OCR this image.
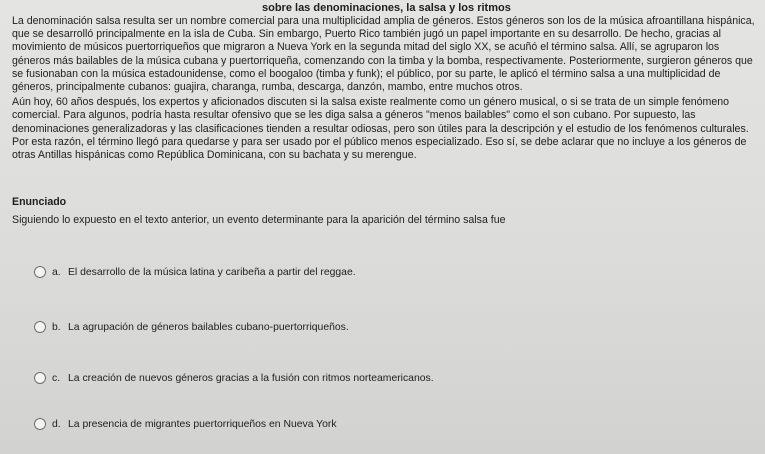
sobre las denominaciones, la salsa y los ritmos

La denominación salsa resulta ser un nombre comercial para una multiplicidad amplia de géneros. Estos géneros son los de la música afroantillana hispánica, que se desarrolló principalmente en la isla de Cuba. Sin embargo, Puerto Rico también jugó un papel importante en su desarrollo. De hecho, gracias al movimiento de músicos puertorriqueños que migraron a Nueva York en la segunda mitad del siglo XX, se acuñó el término salsa. Allí, se agruparon los géneros más bailables de la música cubana y puertorriqueña, comenzando con la timba y la bomba, respectivamente. Posteriormente, surgieron géneros que se fusionaban con la música estadounidense, como el boogaloo (timba y funk); el público, por su parte, le aplicó el término salsa a una multiplicidad de géneros, principalmente cubanos: guajira, charanga, rumba, descarga, danzón, mambo, entre muchos otros.

Aún hoy, 60 años después, los expertos y aficionados discuten si la salsa existe realmente como un género musical, o si se trata de un simple fenómeno comercial. Para algunos, podría hasta resultar ofensivo que se les diga salsa a géneros "menos bailables" como el son cubano. Por supuesto, las denominaciones generalizadoras y las clasificaciones tienden a resultar odiosas, pero son útiles para la descripción y el estudio de los fenómenos culturales. Por esta razón, el término llegó para quedarse y para ser usado por el público menos especializado. Eso sí, se debe aclarar que no incluye a los géneros de otras Antillas hispánicas como República Dominicana, con su bachata y su merengue.

Enunciado
Siguiendo lo expuesto en el texto anterior, un evento determinante para la aparición del término salsa fue
a. El desarrollo de la música latina y caribeña a partir del reggae.
b. La agrupación de géneros bailables cubano-puertorriqueños.
c. La creación de nuevos géneros gracias a la fusión con ritmos norteamericanos.
d. La presencia de migrantes puertorriqueños en Nueva York
